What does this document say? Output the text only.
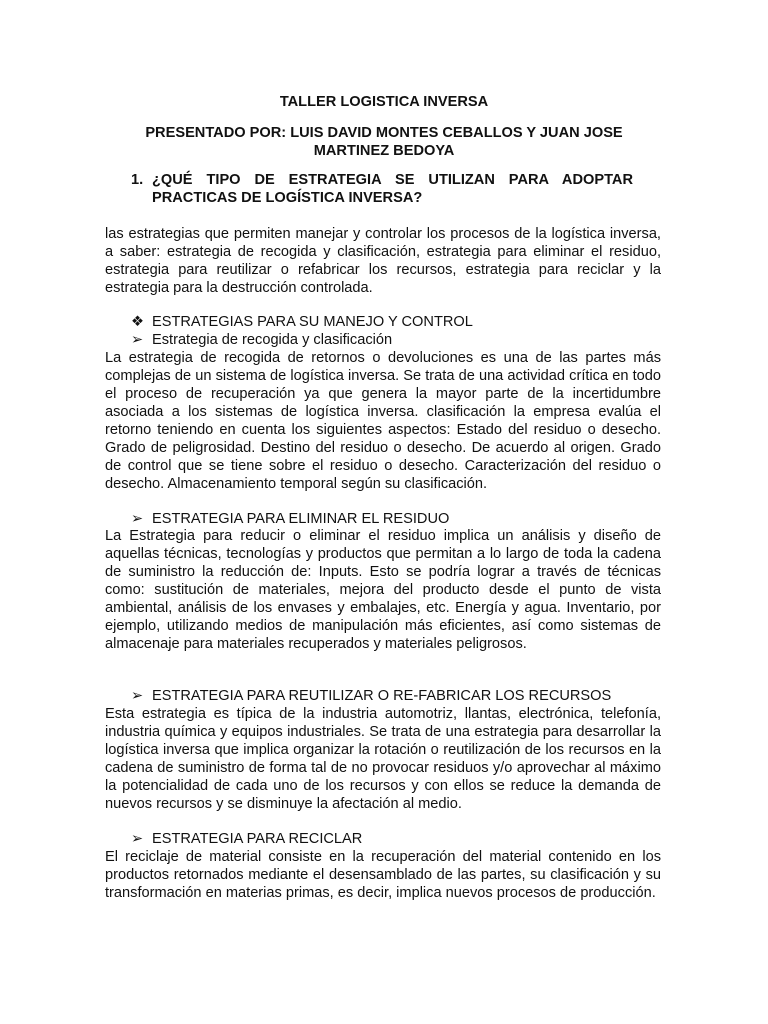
TALLER LOGISTICA INVERSA
PRESENTADO POR: LUIS DAVID MONTES CEBALLOS Y JUAN JOSE MARTINEZ BEDOYA
1. ¿QUÉ TIPO DE ESTRATEGIA SE UTILIZAN PARA ADOPTAR
PRACTICAS DE LOGÍSTICA INVERSA?
las estrategias que permiten manejar y controlar los procesos de la logística inversa, a saber: estrategia de recogida y clasificación, estrategia para eliminar el residuo, estrategia para reutilizar o refabricar los recursos, estrategia para reciclar y la estrategia para la destrucción controlada.
❖ ESTRATEGIAS PARA SU MANEJO Y CONTROL
➢ Estrategia de recogida y clasificación
La estrategia de recogida de retornos o devoluciones es una de las partes más complejas de un sistema de logística inversa. Se trata de una actividad crítica en todo el proceso de recuperación ya que genera la mayor parte de la incertidumbre asociada a los sistemas de logística inversa. clasificación la empresa evalúa el retorno teniendo en cuenta los siguientes aspectos: Estado del residuo o desecho. Grado de peligrosidad. Destino del residuo o desecho. De acuerdo al origen. Grado de control que se tiene sobre el residuo o desecho. Caracterización del residuo o desecho. Almacenamiento temporal según su clasificación.
➢ ESTRATEGIA PARA ELIMINAR EL RESIDUO
La Estrategia para reducir o eliminar el residuo implica un análisis y diseño de aquellas técnicas, tecnologías y productos que permitan a lo largo de toda la cadena de suministro la reducción de: Inputs. Esto se podría lograr a través de técnicas como: sustitución de materiales, mejora del producto desde el punto de vista ambiental, análisis de los envases y embalajes, etc. Energía y agua. Inventario, por ejemplo, utilizando medios de manipulación más eficientes, así como sistemas de almacenaje para materiales recuperados y materiales peligrosos.
➢ ESTRATEGIA PARA REUTILIZAR O RE-FABRICAR LOS RECURSOS
Esta estrategia es típica de la industria automotriz, llantas, electrónica, telefonía, industria química y equipos industriales. Se trata de una estrategia para desarrollar la logística inversa que implica organizar la rotación o reutilización de los recursos en la cadena de suministro de forma tal de no provocar residuos y/o aprovechar al máximo la potencialidad de cada uno de los recursos y con ellos se reduce la demanda de nuevos recursos y se disminuye la afectación al medio.
➢ ESTRATEGIA PARA RECICLAR
El reciclaje de material consiste en la recuperación del material contenido en los productos retornados mediante el desensamblado de las partes, su clasificación y su transformación en materias primas, es decir, implica nuevos procesos de producción.
